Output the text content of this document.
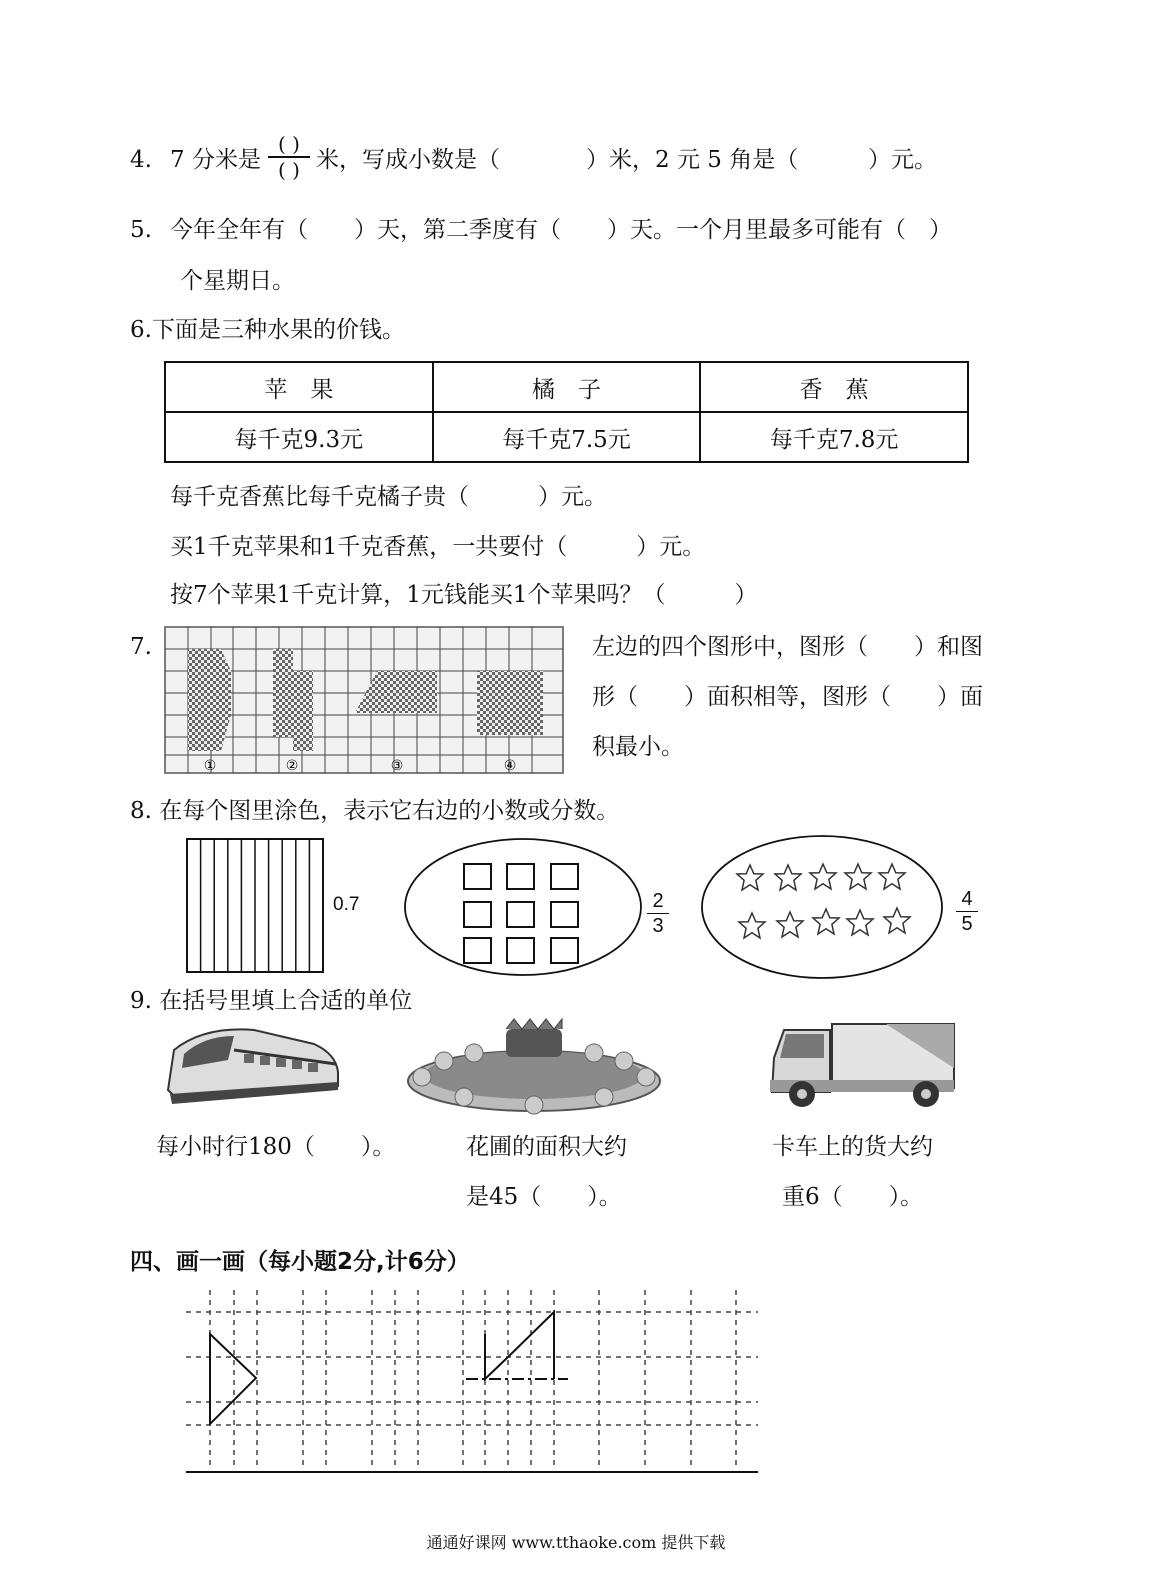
4. 7 分米是
( )
( ) 米，写成小数是（	）米，2 元 5 角是（	）元。
5. 今年全年有（　　）天，第二季度有（　　）天。一个月里最多可能有（　）
个星期日。
6.下面是三种水果的价钱。
苹　果	橘　子	香　蕉
每千克9.3元	每千克7.5元	每千克7.8元
每千克香蕉比每千克橘子贵（　　　）元。
买1千克苹果和1千克香蕉，一共要付（　　　）元。
按7个苹果1千克计算，1元钱能买1个苹果吗？（　　　）
7.
①	②	③	④
左边的四个图形中，图形（　　）和图
形（　　）面积相等，图形（　　）面
积最小。
8. 在每个图里涂色，表示它右边的小数或分数。
0.7	2
3
4
5
9. 在括号里填上合适的单位
每小时行180（　　）。	花圃的面积大约
是45（　　）。
卡车上的货大约
重6（　　）。
四、画一画（每小题2分,计6分）
通通好课网 www.tthaoke.com 提供下载
